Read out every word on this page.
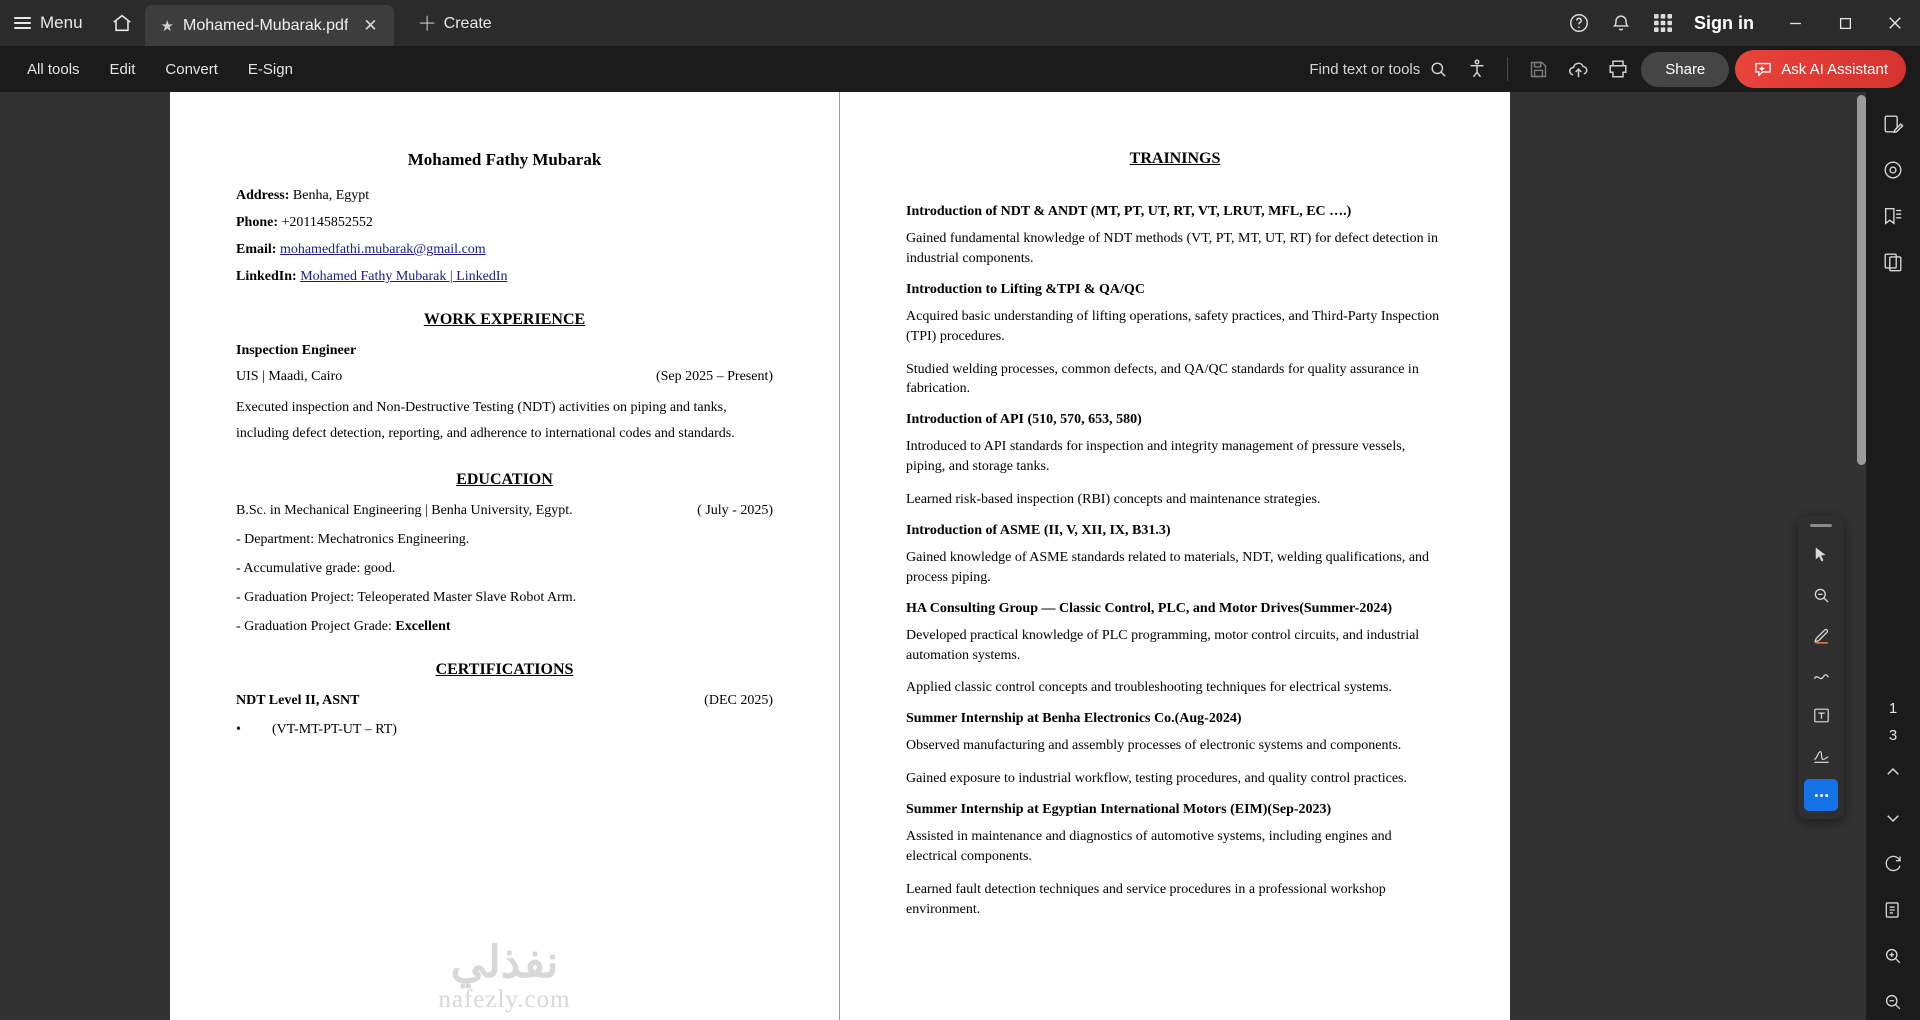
Menu	★ Mohamed-Mubarak.pdf ✕	＋ Create	Sign in
All tools	Edit	Convert	E-Sign	Find text or tools	Share	Ask AI Assistant
Mohamed Fathy Mubarak
Address: Benha, Egypt
Phone: +201145852552
Email: mohamedfathi.mubarak@gmail.com
LinkedIn: Mohamed Fathy Mubarak | LinkedIn
WORK EXPERIENCE
Inspection Engineer
UIS | Maadi, Cairo	(Sep 2025 – Present)
Executed inspection and Non-Destructive Testing (NDT) activities on piping and tanks,
including defect detection, reporting, and adherence to international codes and standards.
EDUCATION
B.Sc. in Mechanical Engineering | Benha University, Egypt.	( July - 2025)
- Department: Mechatronics Engineering.
- Accumulative grade: good.
- Graduation Project: Teleoperated Master Slave Robot Arm.
- Graduation Project Grade: Excellent
CERTIFICATIONS
NDT Level II, ASNT	(DEC 2025)
•	(VT-MT-PT-UT – RT)
نفذلي
nafezly.com
TRAININGS
Introduction of NDT & ANDT (MT, PT, UT, RT, VT, LRUT, MFL, EC ….)
Gained fundamental knowledge of NDT methods (VT, PT, MT, UT, RT) for defect detection in industrial components.
Introduction to Lifting &TPI & QA/QC
Acquired basic understanding of lifting operations, safety practices, and Third-Party Inspection (TPI) procedures.
Studied welding processes, common defects, and QA/QC standards for quality assurance in fabrication.
Introduction of API (510, 570, 653, 580)
Introduced to API standards for inspection and integrity management of pressure vessels, piping, and storage tanks.
Learned risk-based inspection (RBI) concepts and maintenance strategies.
Introduction of ASME (II, V, XII, IX, B31.3)
Gained knowledge of ASME standards related to materials, NDT, welding qualifications, and process piping.
HA Consulting Group — Classic Control, PLC, and Motor Drives(Summer-2024)
Developed practical knowledge of PLC programming, motor control circuits, and industrial automation systems.
Applied classic control concepts and troubleshooting techniques for electrical systems.
Summer Internship at Benha Electronics Co.(Aug-2024)
Observed manufacturing and assembly processes of electronic systems and components.
Gained exposure to industrial workflow, testing procedures, and quality control practices.
Summer Internship at Egyptian International Motors (EIM)(Sep-2023)
Assisted in maintenance and diagnostics of automotive systems, including engines and electrical components.
Learned fault detection techniques and service procedures in a professional workshop environment.
1
3
